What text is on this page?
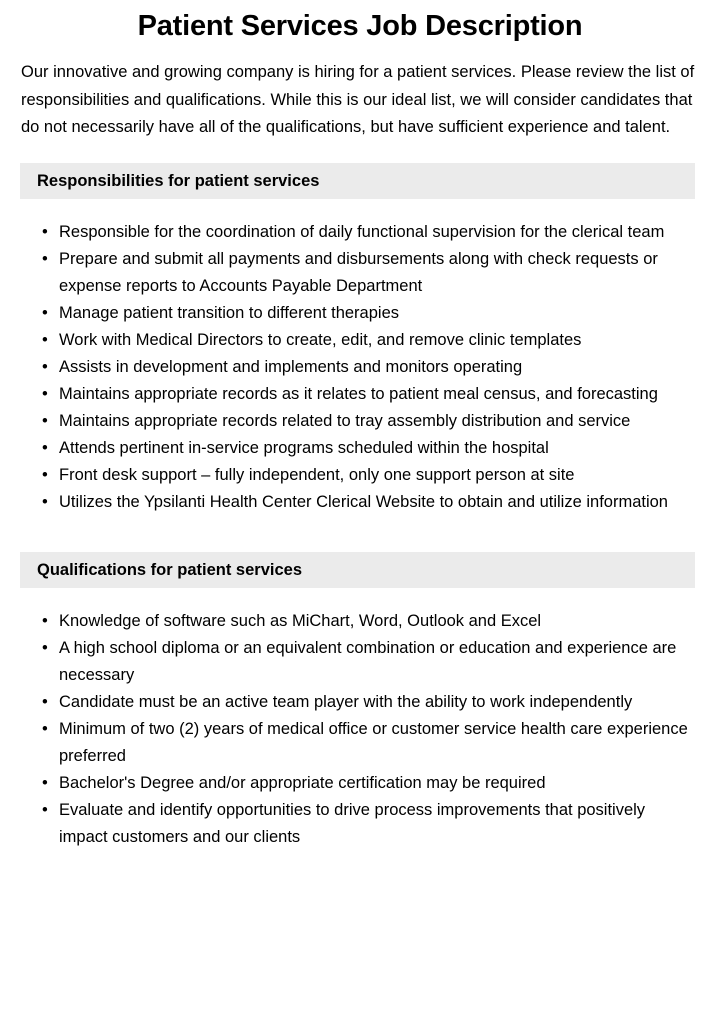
Patient Services Job Description

Our innovative and growing company is hiring for a patient services. Please review the list of responsibilities and qualifications. While this is our ideal list, we will consider candidates that do not necessarily have all of the qualifications, but have sufficient experience and talent.

Responsibilities for patient services
• Responsible for the coordination of daily functional supervision for the clerical team
• Prepare and submit all payments and disbursements along with check requests or expense reports to Accounts Payable Department
• Manage patient transition to different therapies
• Work with Medical Directors to create, edit, and remove clinic templates
• Assists in development and implements and monitors operating
• Maintains appropriate records as it relates to patient meal census, and forecasting
• Maintains appropriate records related to tray assembly distribution and service
• Attends pertinent in-service programs scheduled within the hospital
• Front desk support – fully independent, only one support person at site
• Utilizes the Ypsilanti Health Center Clerical Website to obtain and utilize information
Qualifications for patient services
• Knowledge of software such as MiChart, Word, Outlook and Excel
• A high school diploma or an equivalent combination or education and experience are necessary
• Candidate must be an active team player with the ability to work independently
• Minimum of two (2) years of medical office or customer service health care experience preferred
• Bachelor's Degree and/or appropriate certification may be required
• Evaluate and identify opportunities to drive process improvements that positively impact customers and our clients
